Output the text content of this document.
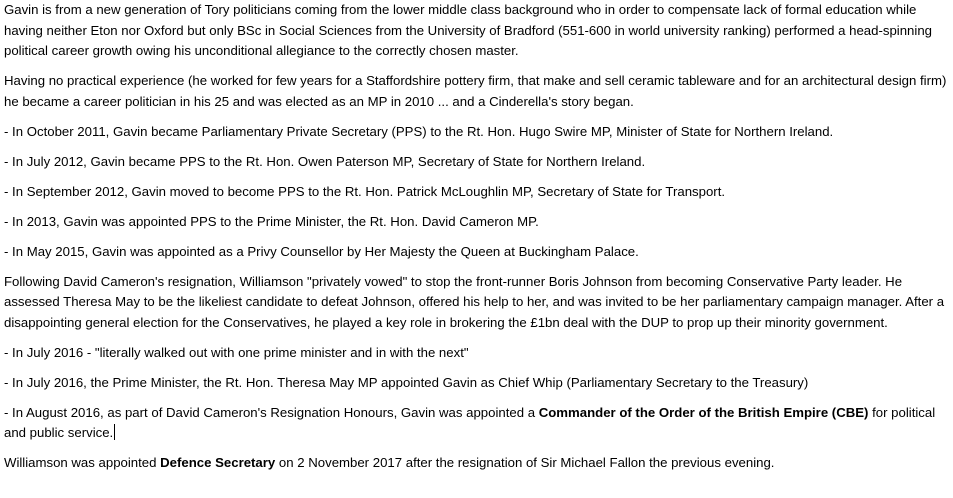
Gavin is from a new generation of Tory politicians coming from the lower middle class background who in order to compensate lack of formal education while having neither Eton nor Oxford but only BSc in Social Sciences from the University of Bradford (551-600 in world university ranking) performed a head-spinning political career growth owing his unconditional allegiance to the correctly chosen master.

Having no practical experience (he worked for few years for a Staffordshire pottery firm, that make and sell ceramic tableware and for an architectural design firm) he became a career politician in his 25 and was elected as an MP in 2010 ... and a Cinderella's story began.

- In October 2011, Gavin became Parliamentary Private Secretary (PPS) to the Rt. Hon. Hugo Swire MP, Minister of State for Northern Ireland.

- In July 2012, Gavin became PPS to the Rt. Hon. Owen Paterson MP, Secretary of State for Northern Ireland.

- In September 2012, Gavin moved to become PPS to the Rt. Hon. Patrick McLoughlin MP, Secretary of State for Transport.

- In 2013, Gavin was appointed PPS to the Prime Minister, the Rt. Hon. David Cameron MP.

- In May 2015, Gavin was appointed as a Privy Counsellor by Her Majesty the Queen at Buckingham Palace.

Following David Cameron's resignation, Williamson "privately vowed" to stop the front-runner Boris Johnson from becoming Conservative Party leader. He assessed Theresa May to be the likeliest candidate to defeat Johnson, offered his help to her, and was invited to be her parliamentary campaign manager. After a disappointing general election for the Conservatives, he played a key role in brokering the £1bn deal with the DUP to prop up their minority government.

- In July 2016 - "literally walked out with one prime minister and in with the next"

- In July 2016, the Prime Minister, the Rt. Hon. Theresa May MP appointed Gavin as Chief Whip (Parliamentary Secretary to the Treasury)

- In August 2016, as part of David Cameron's Resignation Honours, Gavin was appointed a Commander of the Order of the British Empire (CBE) for political and public service.

Williamson was appointed Defence Secretary on 2 November 2017 after the resignation of Sir Michael Fallon the previous evening.
